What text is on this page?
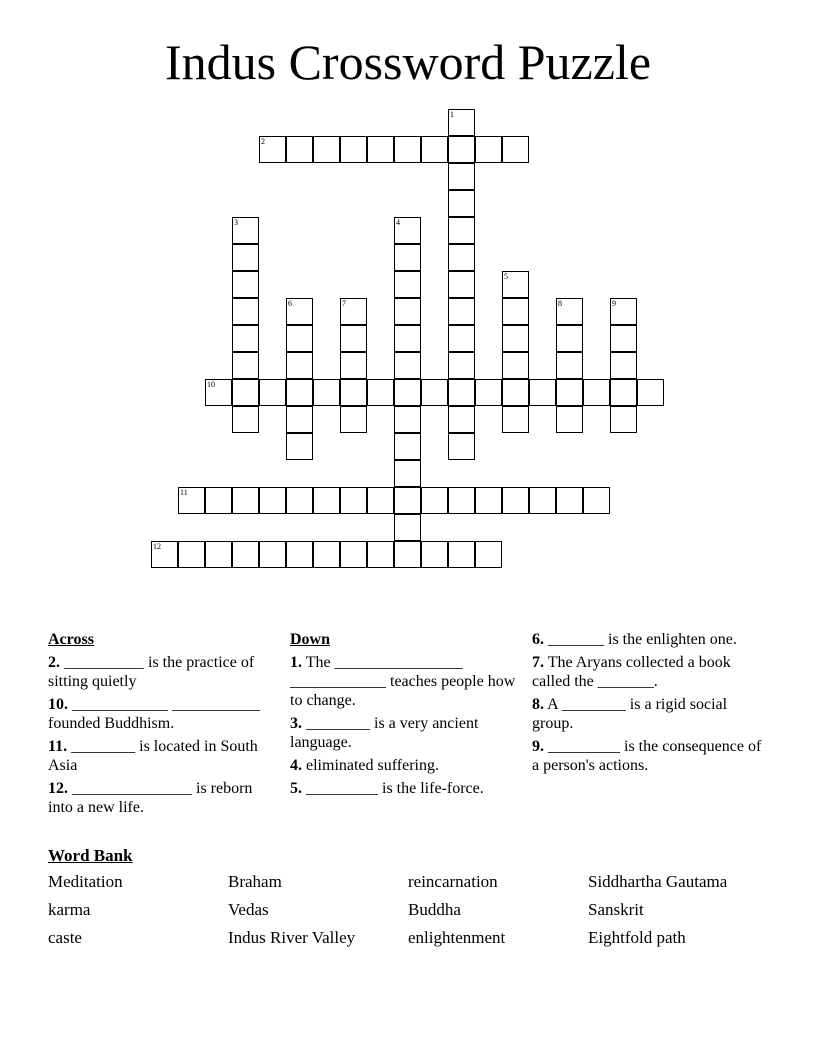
Indus Crossword Puzzle
1
2
3	4
5
6	7	8	9
10
11
12
Across
2. __________ is the practice of sitting quietly
10. ____________ ___________ founded Buddhism.
11. ________ is located in South Asia
12. _______________ is reborn into a new life.
Down
1. The ________________ ____________ teaches people how to change.
3. ________ is a very ancient language.
4. eliminated suffering.
5. _________ is the life-force.
6. _______ is the enlighten one.
7. The Aryans collected a book called the _______.
8. A ________ is a rigid social group.
9. _________ is the consequence of a person's actions.
Word Bank
Meditation	Braham	reincarnation	Siddhartha Gautama
karma	Vedas	Buddha	Sanskrit
caste	Indus River Valley	enlightenment	Eightfold path
